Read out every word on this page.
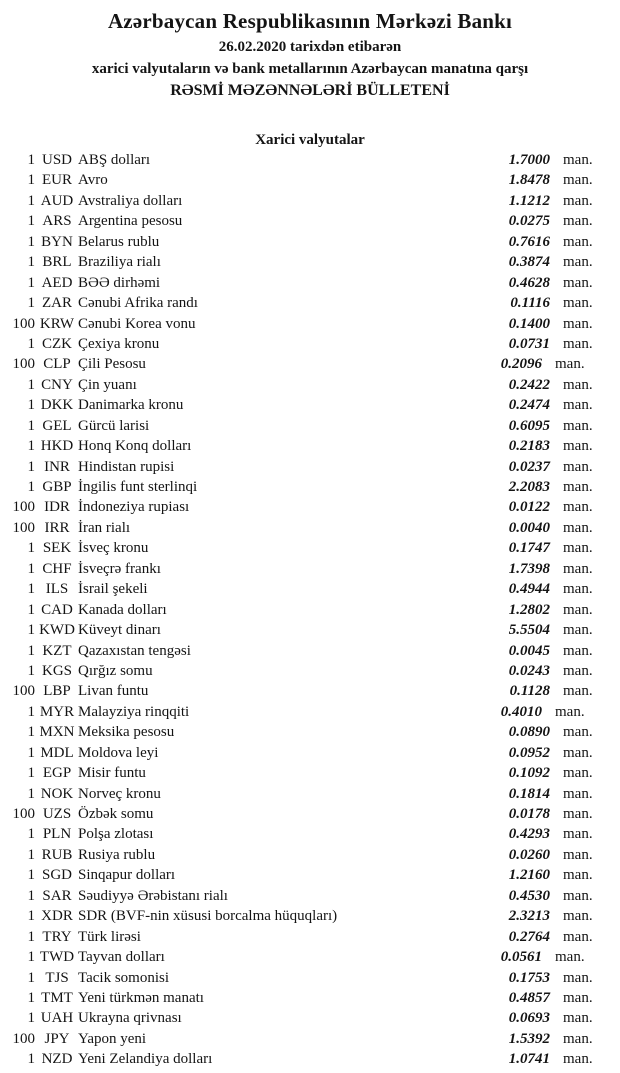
Azərbaycan Respublikasının Mərkəzi Bankı
26.02.2020 tarixdən etibarən
xarici valyutaların və bank metallarının Azərbaycan manatına qarşı
RƏSMİ MƏZƏNNƏLƏRİ BÜLLETENİ
Xarici valyutalar
1 USD ABŞ dolları	1.7000 man.
1 EUR Avro	1.8478 man.
1 AUD Avstraliya dolları	1.1212 man.
1 ARS Argentina pesosu	0.0275 man.
1 BYN Belarus rublu	0.7616 man.
1 BRL Braziliya rialı	0.3874 man.
1 AED BƏƏ dirhəmi	0.4628 man.
1 ZAR Cənubi Afrika randı	0.1116 man.
100 KRW Cənubi Korea vonu	0.1400 man.
1 CZK Çexiya kronu	0.0731 man.
100 CLP Çili Pesosu	0.2096 man.
1 CNY Çin yuanı	0.2422 man.
1 DKK Danimarka kronu	0.2474 man.
1 GEL Gürcü larisi	0.6095 man.
1 HKD Honq Konq dolları	0.2183 man.
1 INR Hindistan rupisi	0.0237 man.
1 GBP İngilis funt sterlinqi	2.2083 man.
100 IDR İndoneziya rupiası	0.0122 man.
100 IRR İran rialı	0.0040 man.
1 SEK İsveç kronu	0.1747 man.
1 CHF İsveçrə frankı	1.7398 man.
1 ILS İsrail şekeli	0.4944 man.
1 CAD Kanada dolları	1.2802 man.
1 KWD Küveyt dinarı	5.5504 man.
1 KZT Qazaxıstan tengəsi	0.0045 man.
1 KGS Qırğız somu	0.0243 man.
100 LBP Livan funtu	0.1128 man.
1 MYR Malayziya rinqqiti	0.4010 man.
1 MXN Meksika pesosu	0.0890 man.
1 MDL Moldova leyi	0.0952 man.
1 EGP Misir funtu	0.1092 man.
1 NOK Norveç kronu	0.1814 man.
100 UZS Özbək somu	0.0178 man.
1 PLN Polşa zlotası	0.4293 man.
1 RUB Rusiya rublu	0.0260 man.
1 SGD Sinqapur dolları	1.2160 man.
1 SAR Səudiyyə Ərəbistanı rialı	0.4530 man.
1 XDR SDR (BVF-nin xüsusi borcalma hüquqları)	2.3213 man.
1 TRY Türk lirəsi	0.2764 man.
1 TWD Tayvan dolları	0.0561 man.
1 TJS Tacik somonisi	0.1753 man.
1 TMT Yeni türkmən manatı	0.4857 man.
1 UAH Ukrayna qrivnası	0.0693 man.
100 JPY Yapon yeni	1.5392 man.
1 NZD Yeni Zelandiya dolları	1.0741 man.
